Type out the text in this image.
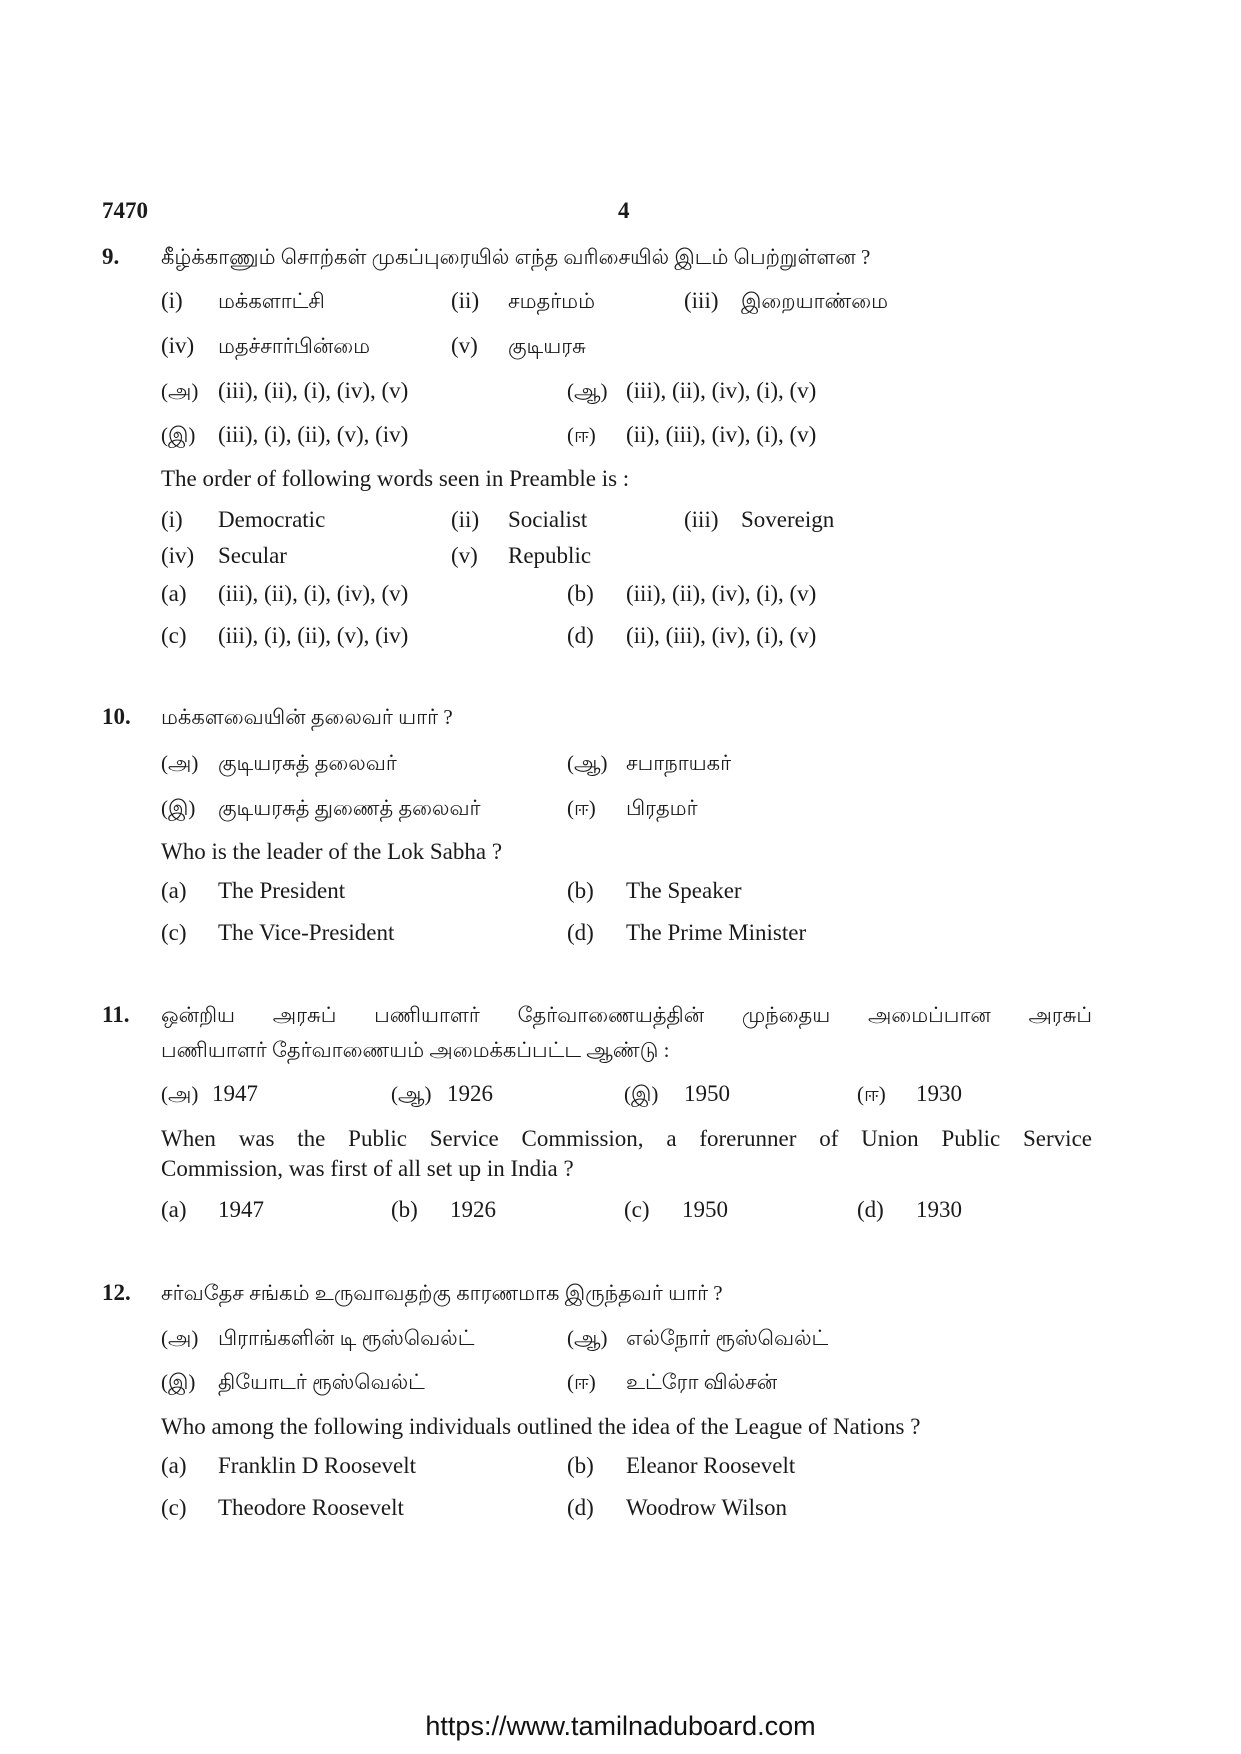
7470	4
9. கீழ்க்காணும் சொற்கள் முகப்புரையில் எந்த வரிசையில் இடம் பெற்றுள்ளன ?
(i) மக்களாட்சி	(ii) சமதர்மம்	(iii) இறையாண்மை
(iv) மதச்சார்பின்மை	(v) குடியரசு
(அ) (iii), (ii), (i), (iv), (v)	(ஆ) (iii), (ii), (iv), (i), (v)
(இ) (iii), (i), (ii), (v), (iv)	(ஈ) (ii), (iii), (iv), (i), (v)
The order of following words seen in Preamble is :
(i) Democratic	(ii) Socialist	(iii) Sovereign
(iv) Secular	(v) Republic
(a) (iii), (ii), (i), (iv), (v)	(b) (iii), (ii), (iv), (i), (v)
(c) (iii), (i), (ii), (v), (iv)	(d) (ii), (iii), (iv), (i), (v)
10. மக்களவையின் தலைவர் யார் ?
(அ) குடியரசுத் தலைவர்	(ஆ) சபாநாயகர்
(இ) குடியரசுத் துணைத் தலைவர்	(ஈ) பிரதமர்
Who is the leader of the Lok Sabha ?
(a) The President	(b) The Speaker
(c) The Vice-President	(d) The Prime Minister
11. ஒன்றிய அரசுப் பணியாளர் தேர்வாணையத்தின் முந்தைய அமைப்பான அரசுப்
பணியாளர் தேர்வாணையம் அமைக்கப்பட்ட ஆண்டு :
(அ) 1947	(ஆ) 1926	(இ) 1950	(ஈ) 1930
When was the Public Service Commission, a forerunner of Union Public Service
Commission, was first of all set up in India ?
(a) 1947	(b) 1926	(c) 1950	(d) 1930
12. சர்வதேச சங்கம் உருவாவதற்கு காரணமாக இருந்தவர் யார் ?
(அ) பிராங்களின் டி ரூஸ்வெல்ட்	(ஆ) எல்நோர் ரூஸ்வெல்ட்
(இ) தியோடர் ரூஸ்வெல்ட்	(ஈ) உட்ரோ வில்சன்
Who among the following individuals outlined the idea of the League of Nations ?
(a) Franklin D Roosevelt	(b) Eleanor Roosevelt
(c) Theodore Roosevelt	(d) Woodrow Wilson
https://www.tamilnaduboard.com
